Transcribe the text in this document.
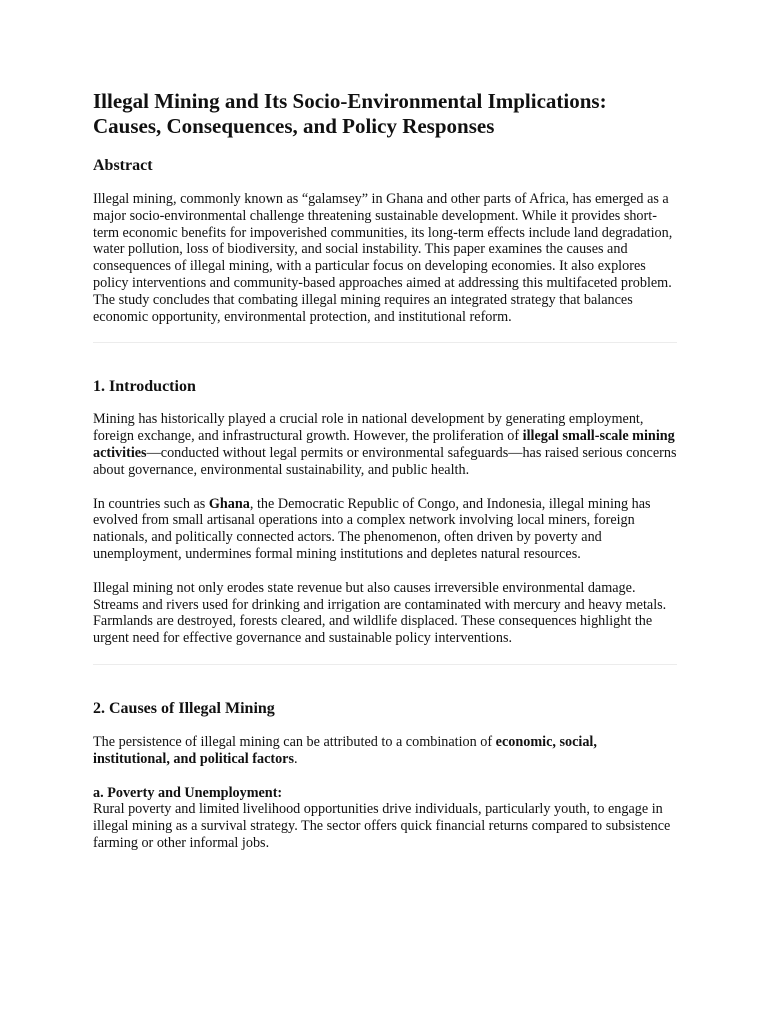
Illegal Mining and Its Socio-Environmental Implications: Causes, Consequences, and Policy Responses
Abstract

Illegal mining, commonly known as “galamsey” in Ghana and other parts of Africa, has emerged as a major socio-environmental challenge threatening sustainable development. While it provides short-term economic benefits for impoverished communities, its long-term effects include land degradation, water pollution, loss of biodiversity, and social instability. This paper examines the causes and consequences of illegal mining, with a particular focus on developing economies. It also explores policy interventions and community-based approaches aimed at addressing this multifaceted problem. The study concludes that combating illegal mining requires an integrated strategy that balances economic opportunity, environmental protection, and institutional reform.

1. Introduction

Mining has historically played a crucial role in national development by generating employment, foreign exchange, and infrastructural growth. However, the proliferation of illegal small-scale mining activities—conducted without legal permits or environmental safeguards—has raised serious concerns about governance, environmental sustainability, and public health.

In countries such as Ghana, the Democratic Republic of Congo, and Indonesia, illegal mining has evolved from small artisanal operations into a complex network involving local miners, foreign nationals, and politically connected actors. The phenomenon, often driven by poverty and unemployment, undermines formal mining institutions and depletes natural resources.

Illegal mining not only erodes state revenue but also causes irreversible environmental damage. Streams and rivers used for drinking and irrigation are contaminated with mercury and heavy metals. Farmlands are destroyed, forests cleared, and wildlife displaced. These consequences highlight the urgent need for effective governance and sustainable policy interventions.

2. Causes of Illegal Mining

The persistence of illegal mining can be attributed to a combination of economic, social, institutional, and political factors.

a. Poverty and Unemployment:

Rural poverty and limited livelihood opportunities drive individuals, particularly youth, to engage in illegal mining as a survival strategy. The sector offers quick financial returns compared to subsistence farming or other informal jobs.
